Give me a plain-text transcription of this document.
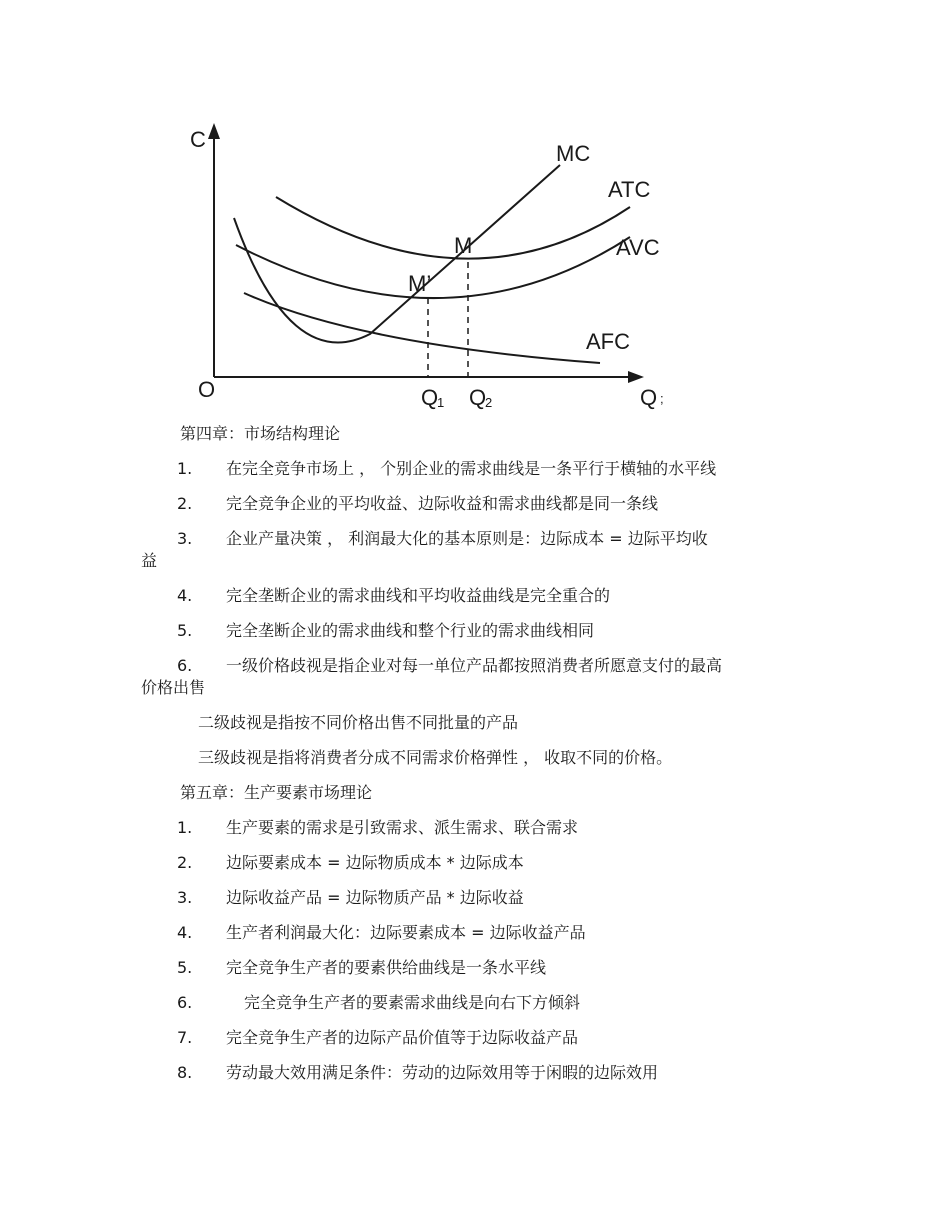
C
O	Q ;
Q
1 Q
2
MC
ATC
AVC
AFC
M
M’
第四章：市场结构理论
1. 在完全竞争市场上 ， 个别企业的需求曲线是一条平行于横轴的水平线
2. 完全竞争企业的平均收益、边际收益和需求曲线都是同一条线
3. 企业产量决策 ， 利润最大化的基本原则是：边际成本 = 边际平均收
益
4. 完全垄断企业的需求曲线和平均收益曲线是完全重合的
5. 完全垄断企业的需求曲线和整个行业的需求曲线相同
6. 一级价格歧视是指企业对每一单位产品都按照消费者所愿意支付的最高
价格出售
二级歧视是指按不同价格出售不同批量的产品
三级歧视是指将消费者分成不同需求价格弹性 ， 收取不同的价格。
第五章：生产要素市场理论
1. 生产要素的需求是引致需求、派生需求、联合需求
2. 边际要素成本 = 边际物质成本 * 边际成本
3. 边际收益产品 = 边际物质产品 * 边际收益
4. 生产者利润最大化：边际要素成本 = 边际收益产品
5. 完全竞争生产者的要素供给曲线是一条水平线
6.	完全竞争生产者的要素需求曲线是向右下方倾斜
7. 完全竞争生产者的边际产品价值等于边际收益产品
8. 劳动最大效用满足条件：劳动的边际效用等于闲暇的边际效用
